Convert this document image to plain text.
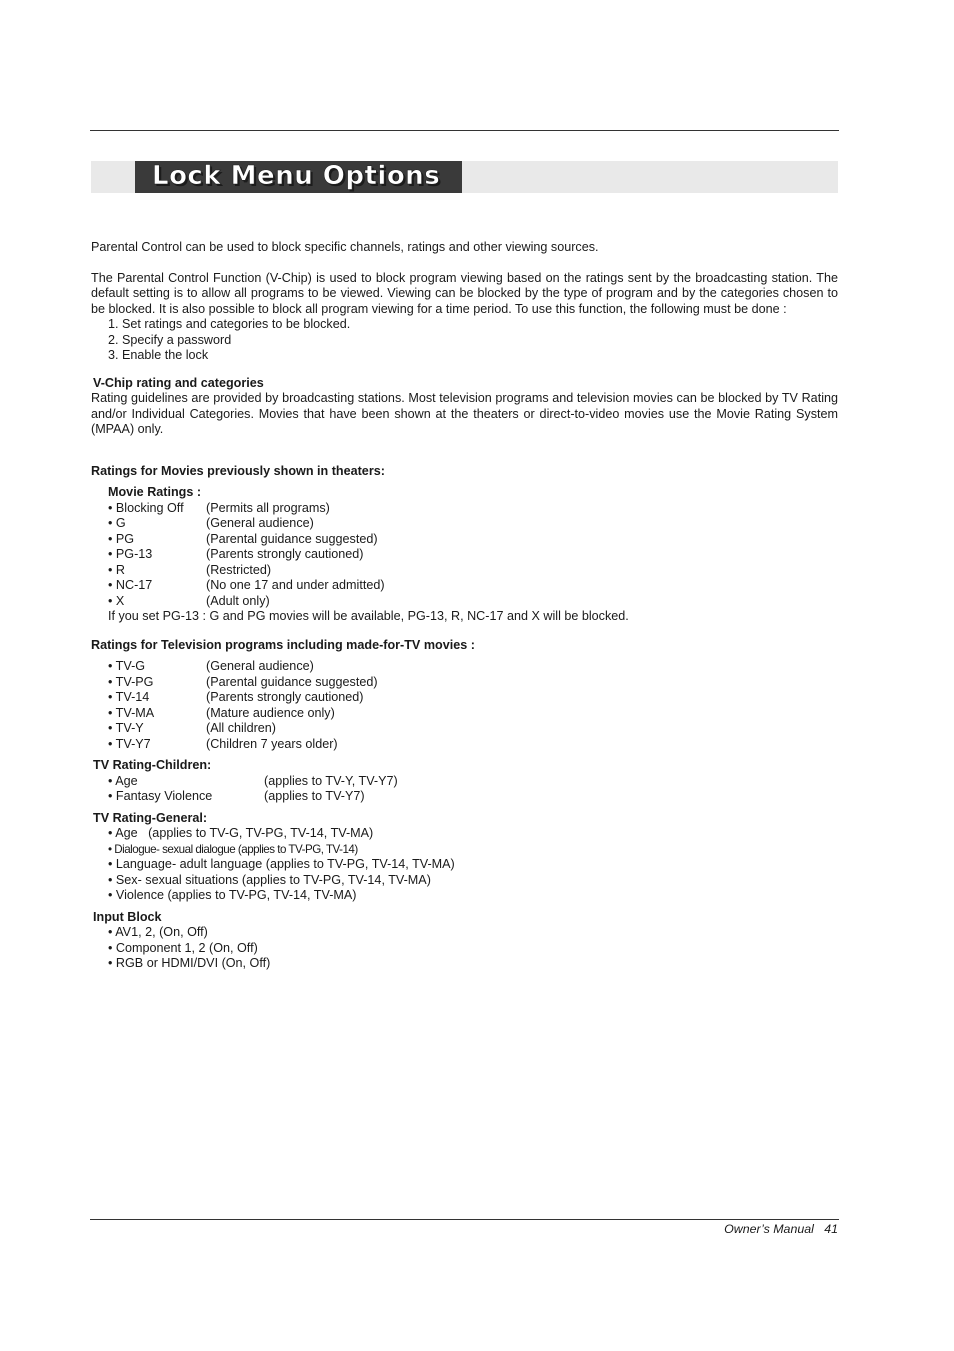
Lock Menu Options

Parental Control can be used to block specific channels, ratings and other viewing sources.

The Parental Control Function (V-Chip) is used to block program viewing based on the ratings sent by the broadcasting station. The default setting is to allow all programs to be viewed. Viewing can be blocked by the type of program and by the categories chosen to be blocked. It is also possible to block all program viewing for a time period. To use this function, the following must be done :

1. Set ratings and categories to be blocked.
2. Specify a password
3. Enable the lock

V-Chip rating and categories

Rating guidelines are provided by broadcasting stations. Most television programs and television movies can be blocked by TV Rating and/or Individual Categories. Movies that have been shown at the theaters or direct-to-video movies use the Movie Rating System (MPAA) only.

Ratings for Movies previously shown in theaters:

Movie Ratings :

• Blocking Off	(Permits all programs)
• G	(General audience)
• PG	(Parental guidance suggested)
• PG-13	(Parents strongly cautioned)
• R	(Restricted)
• NC-17	(No one 17 and under admitted)
• X	(Adult only)

If you set PG-13 : G and PG movies will be available, PG-13, R, NC-17 and X will be blocked.

Ratings for Television programs including made-for-TV movies :

• TV-G	(General audience)
• TV-PG	(Parental guidance suggested)
• TV-14	(Parents strongly cautioned)
• TV-MA	(Mature audience only)
• TV-Y	(All children)
• TV-Y7	(Children 7 years older)

TV Rating-Children:

• Age	(applies to TV-Y, TV-Y7)
• Fantasy Violence	(applies to TV-Y7)

TV Rating-General:

• Age   (applies to TV-G, TV-PG, TV-14, TV-MA)
• Dialogue- sexual dialogue (applies to TV-PG, TV-14)
• Language- adult language (applies to TV-PG, TV-14, TV-MA)
• Sex- sexual situations (applies to TV-PG, TV-14, TV-MA)
• Violence (applies to TV-PG, TV-14, TV-MA)

Input Block

• AV1, 2, (On, Off)
• Component 1, 2 (On, Off)
• RGB or HDMI/DVI (On, Off)
Owner’s Manual 41
